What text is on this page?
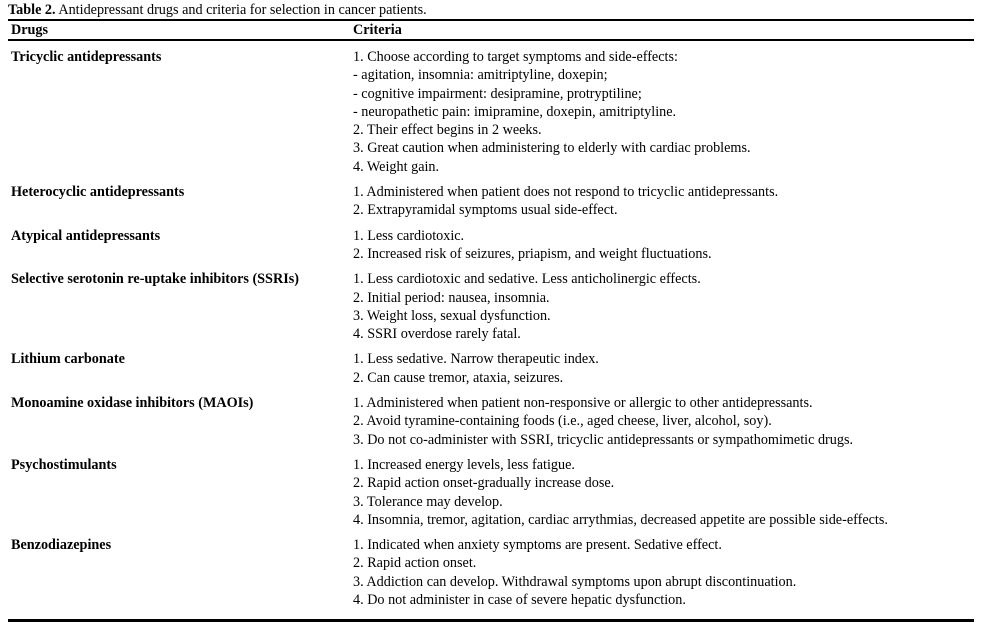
Table 2. Antidepressant drugs and criteria for selection in cancer patients.
Drugs	Criteria
Tricyclic antidepressants	1. Choose according to target symptoms and side-effects:
- agitation, insomnia: amitriptyline, doxepin;
- cognitive impairment: desipramine, protryptiline;
- neuropathetic pain: imipramine, doxepin, amitriptyline.
2. Their effect begins in 2 weeks.
3. Great caution when administering to elderly with cardiac problems.
4. Weight gain.
Heterocyclic antidepressants	1. Administered when patient does not respond to tricyclic antidepressants.
2. Extrapyramidal symptoms usual side-effect.
Atypical antidepressants	1. Less cardiotoxic.
2. Increased risk of seizures, priapism, and weight fluctuations.
Selective serotonin re-uptake inhibitors (SSRIs)	1. Less cardiotoxic and sedative. Less anticholinergic effects.
2. Initial period: nausea, insomnia.
3. Weight loss, sexual dysfunction.
4. SSRI overdose rarely fatal.
Lithium carbonate	1. Less sedative. Narrow therapeutic index.
2. Can cause tremor, ataxia, seizures.
Monoamine oxidase inhibitors (MAOIs)	1. Administered when patient non-responsive or allergic to other antidepressants.
2. Avoid tyramine-containing foods (i.e., aged cheese, liver, alcohol, soy).
3. Do not co-administer with SSRI, tricyclic antidepressants or sympathomimetic drugs.
Psychostimulants	1. Increased energy levels, less fatigue.
2. Rapid action onset-gradually increase dose.
3. Tolerance may develop.
4. Insomnia, tremor, agitation, cardiac arrythmias, decreased appetite are possible side-effects.
Benzodiazepines	1. Indicated when anxiety symptoms are present. Sedative effect.
2. Rapid action onset.
3. Addiction can develop. Withdrawal symptoms upon abrupt discontinuation.
4. Do not administer in case of severe hepatic dysfunction.
